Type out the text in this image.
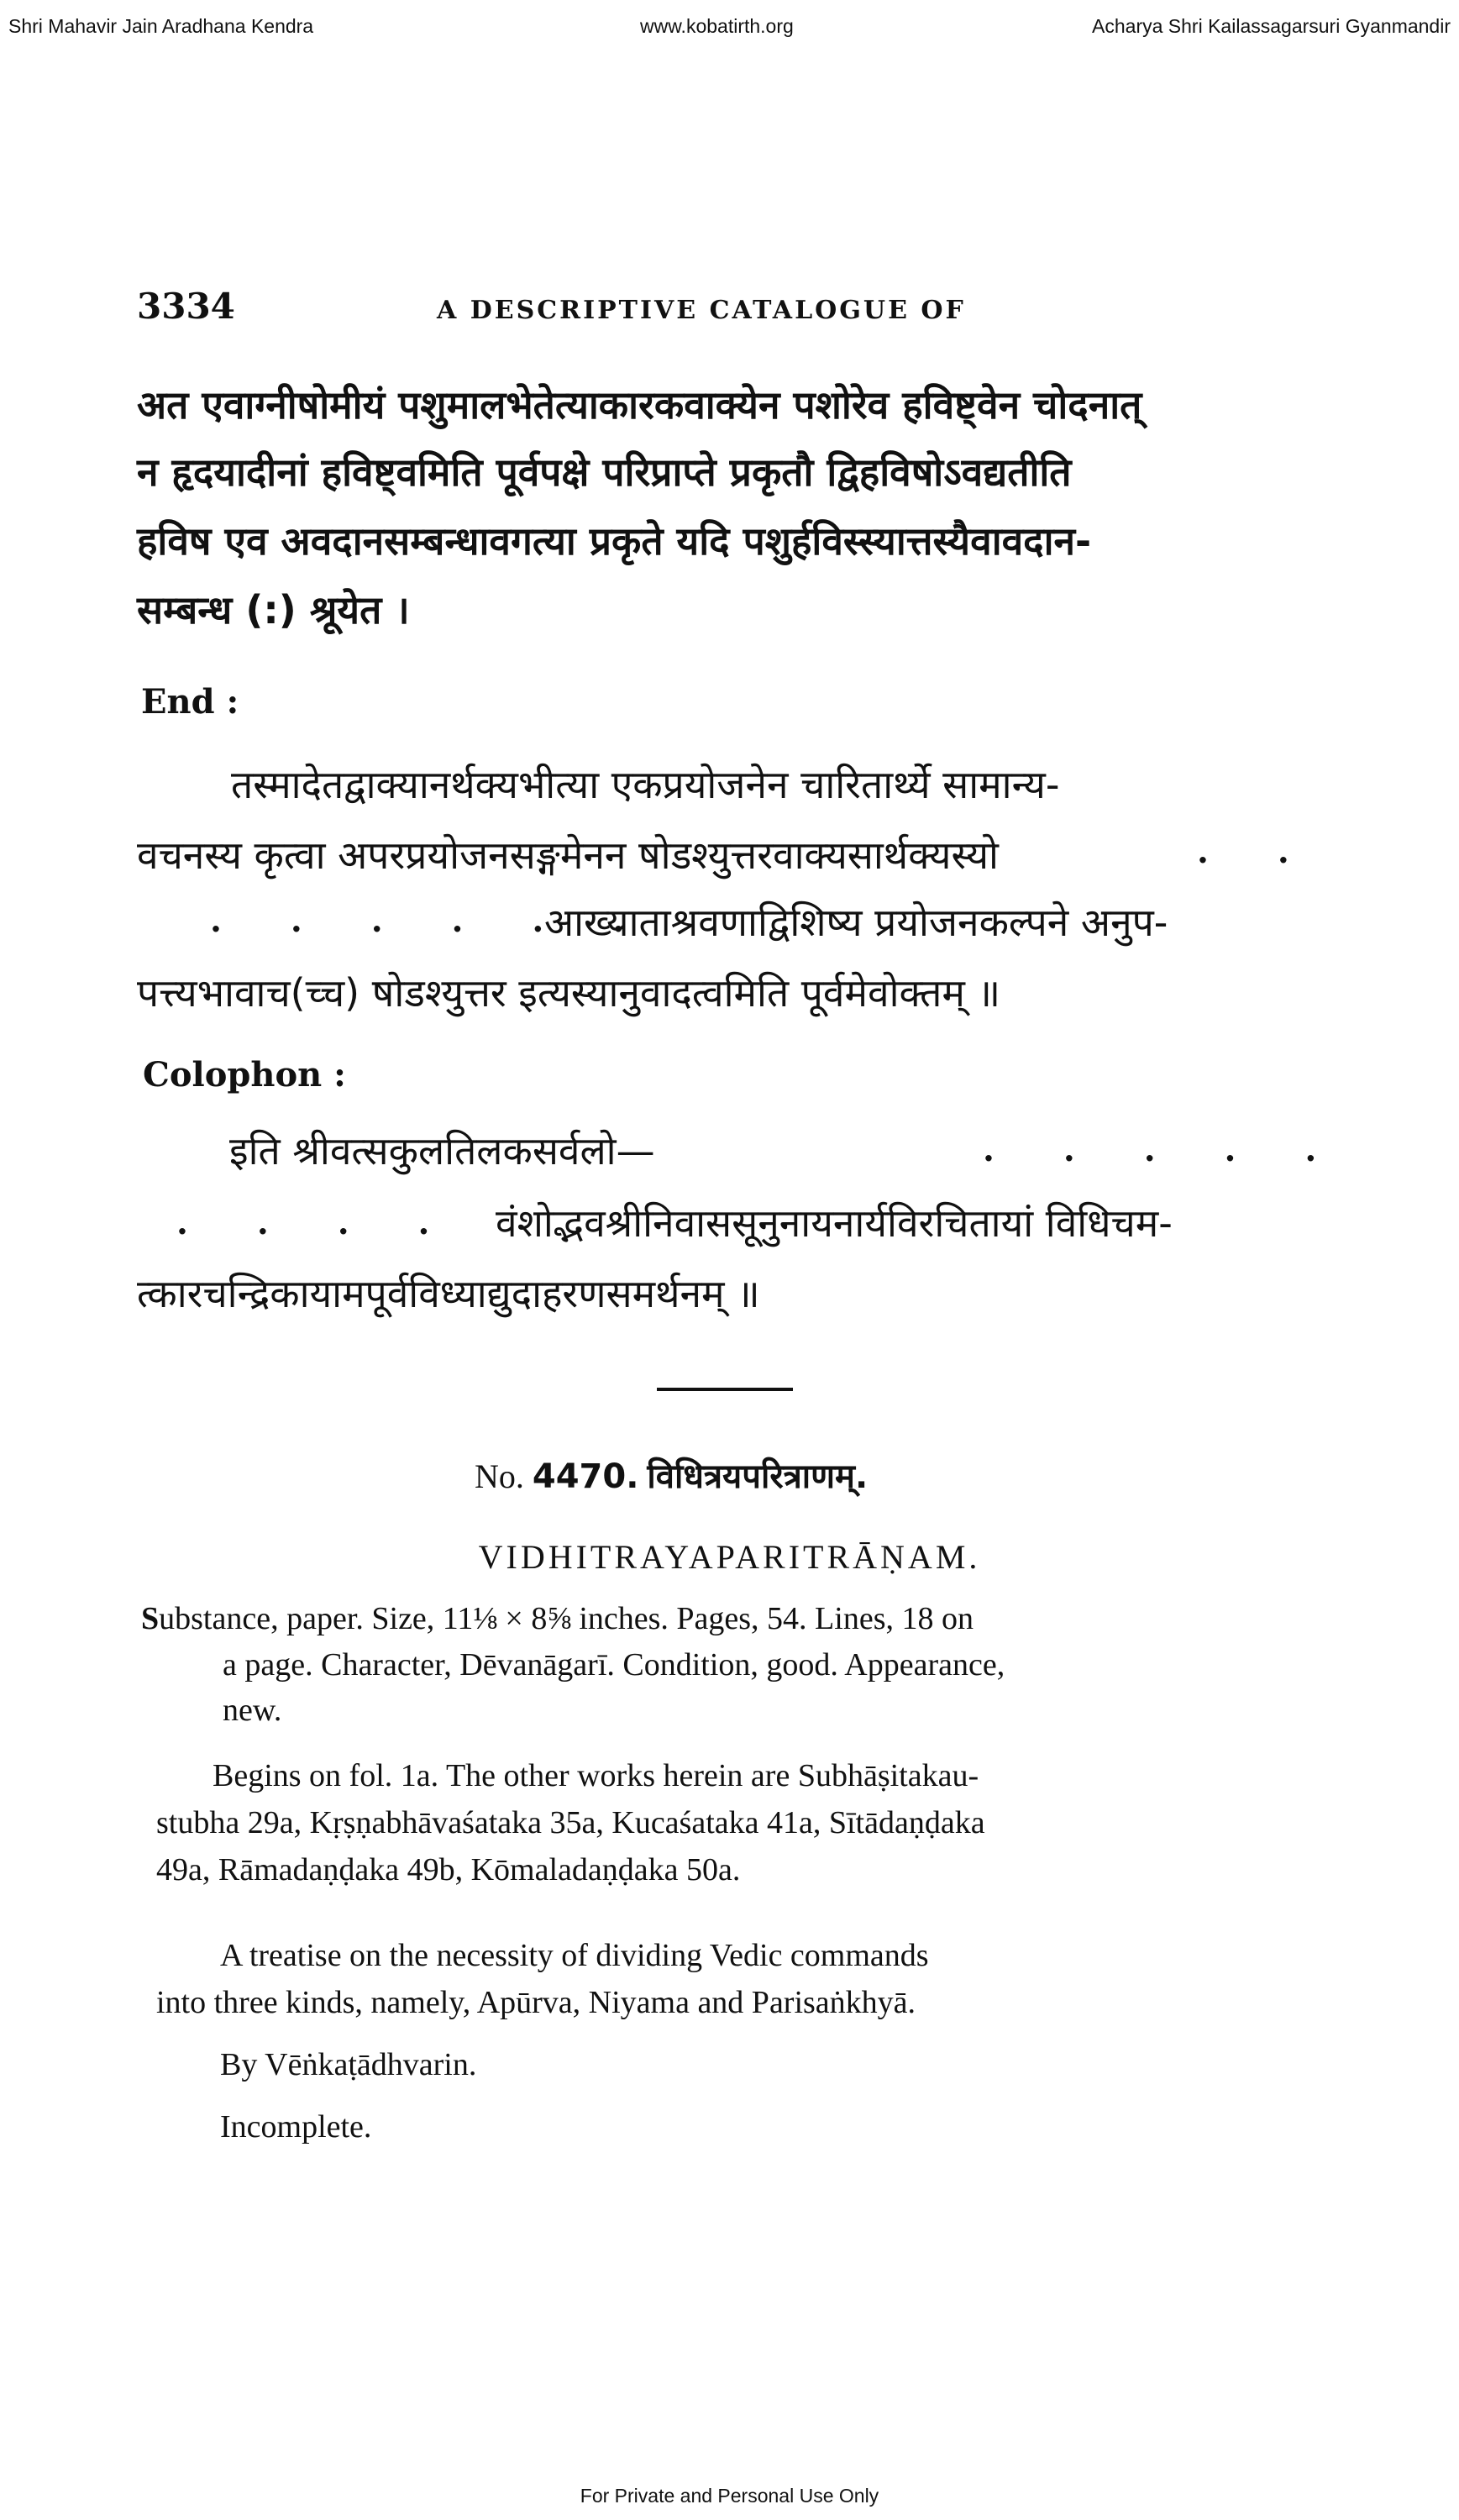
Shri Mahavir Jain Aradhana Kendra	www.kobatirth.org	Acharya Shri Kailassagarsuri Gyanmandir
3334	A DESCRIPTIVE CATALOGUE OF
अत एवाग्नीषोमीयं पशुमालभेतेत्याकारकवाक्येन पशोरेव हविष्ट्वेन चोदनात्
न हृदयादीनां हविष्ट्वमिति पूर्वपक्षे परिप्राप्ते प्रकृतौ द्विहविषोऽवद्यतीति
हविष एव अवदानसम्बन्धावगत्या प्रकृते यदि पशुर्हविस्स्यात्तस्यैवावदान-
सम्बन्ध (:) श्रूयेत ।
End :
तस्मादेतद्वाक्यानर्थक्यभीत्या एकप्रयोजनेन चारितार्थ्ये सामान्य-
वचनस्य कृत्वा अपरप्रयोजनसङ्गमेनन षोडश्युत्तरवाक्यसार्थक्यस्यो	. .
. . . . . .
आख्याताश्रवणाद्विशिष्य प्रयोजनकल्पने अनुप-
पत्त्यभावाच(च्च) षोडश्युत्तर इत्यस्यानुवादत्वमिति पूर्वमेवोक्तम् ॥
Colophon :
इति श्रीवत्सकुलतिलकसर्वलो—	. . . . .
. . . . वंशोद्भवश्रीनिवाससूनुनायनार्यविरचितायां विधिचम-
त्कारचन्द्रिकायामपूर्वविध्याद्युदाहरणसमर्थनम् ॥
No. 4470. विधित्रयपरित्राणम्.
VIDHITRAYAPARITRĀṆAM.
Substance, paper. Size, 11⅛ × 8⅝ inches. Pages, 54. Lines, 18 on
a page. Character, Dēvanāgarī. Condition, good. Appearance,
new.
Begins on fol. 1a. The other works herein are Subhāṣitakau-
stubha 29a, Kṛṣṇabhāvaśataka 35a, Kucaśataka 41a, Sītādaṇḍaka
49a, Rāmadaṇḍaka 49b, Kōmaladaṇḍaka 50a.
A treatise on the necessity of dividing Vedic commands
into three kinds, namely, Apūrva, Niyama and Parisaṅkhyā.
By Vēṅkaṭādhvarin.
Incomplete.
For Private and Personal Use Only
